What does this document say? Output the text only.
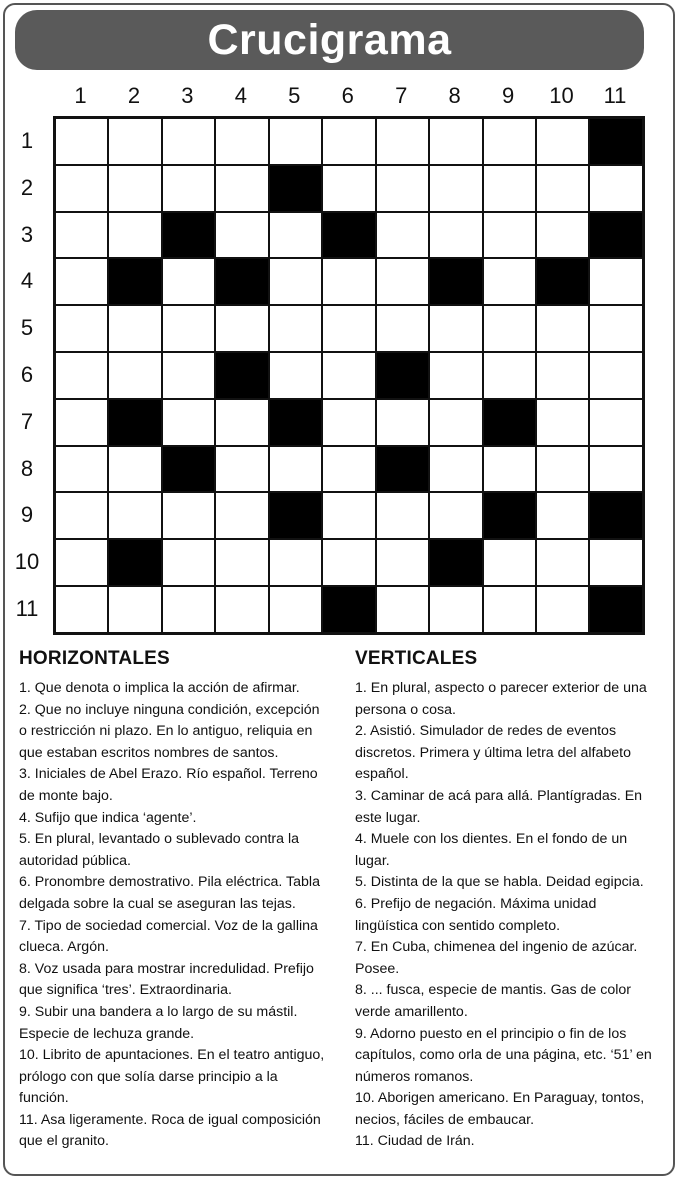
Crucigrama
1	2	3	4	5	6	7	8	9	10	11
1
2
3
4
5
6
7
8
9
10
11
HORIZONTALES

1. Que denota o implica la acción de afirmar.

2. Que no incluye ninguna condición, excepción o restricción ni plazo. En lo antiguo, reliquia en que estaban escritos nombres de santos.

3. Iniciales de Abel Erazo. Río español. Terreno de monte bajo.

4. Sufijo que indica ‘agente’.

5. En plural, levantado o sublevado contra la autoridad pública.

6. Pronombre demostrativo. Pila eléctrica. Tabla delgada sobre la cual se aseguran las tejas.

7. Tipo de sociedad comercial. Voz de la gallina clueca. Argón.

8. Voz usada para mostrar incredulidad. Prefijo que significa ‘tres’. Extraordinaria.

9. Subir una bandera a lo largo de su mástil. Especie de lechuza grande.

10. Librito de apuntaciones. En el teatro antiguo, prólogo con que solía darse principio a la función.

11. Asa ligeramente. Roca de igual composición que el granito.

VERTICALES

1. En plural, aspecto o parecer exterior de una persona o cosa.

2. Asistió. Simulador de redes de eventos discretos. Primera y última letra del alfabeto español.

3. Caminar de acá para allá. Plantígradas. En este lugar.

4. Muele con los dientes. En el fondo de un lugar.

5. Distinta de la que se habla. Deidad egipcia.

6. Prefijo de negación. Máxima unidad lingüística con sentido completo.

7. En Cuba, chimenea del ingenio de azúcar. Posee.

8. ... fusca, especie de mantis. Gas de color verde amarillento.

9. Adorno puesto en el principio o fin de los capítulos, como orla de una página, etc. ‘51’ en números romanos.

10. Aborigen americano. En Paraguay, tontos, necios, fáciles de embaucar.

11. Ciudad de Irán.
